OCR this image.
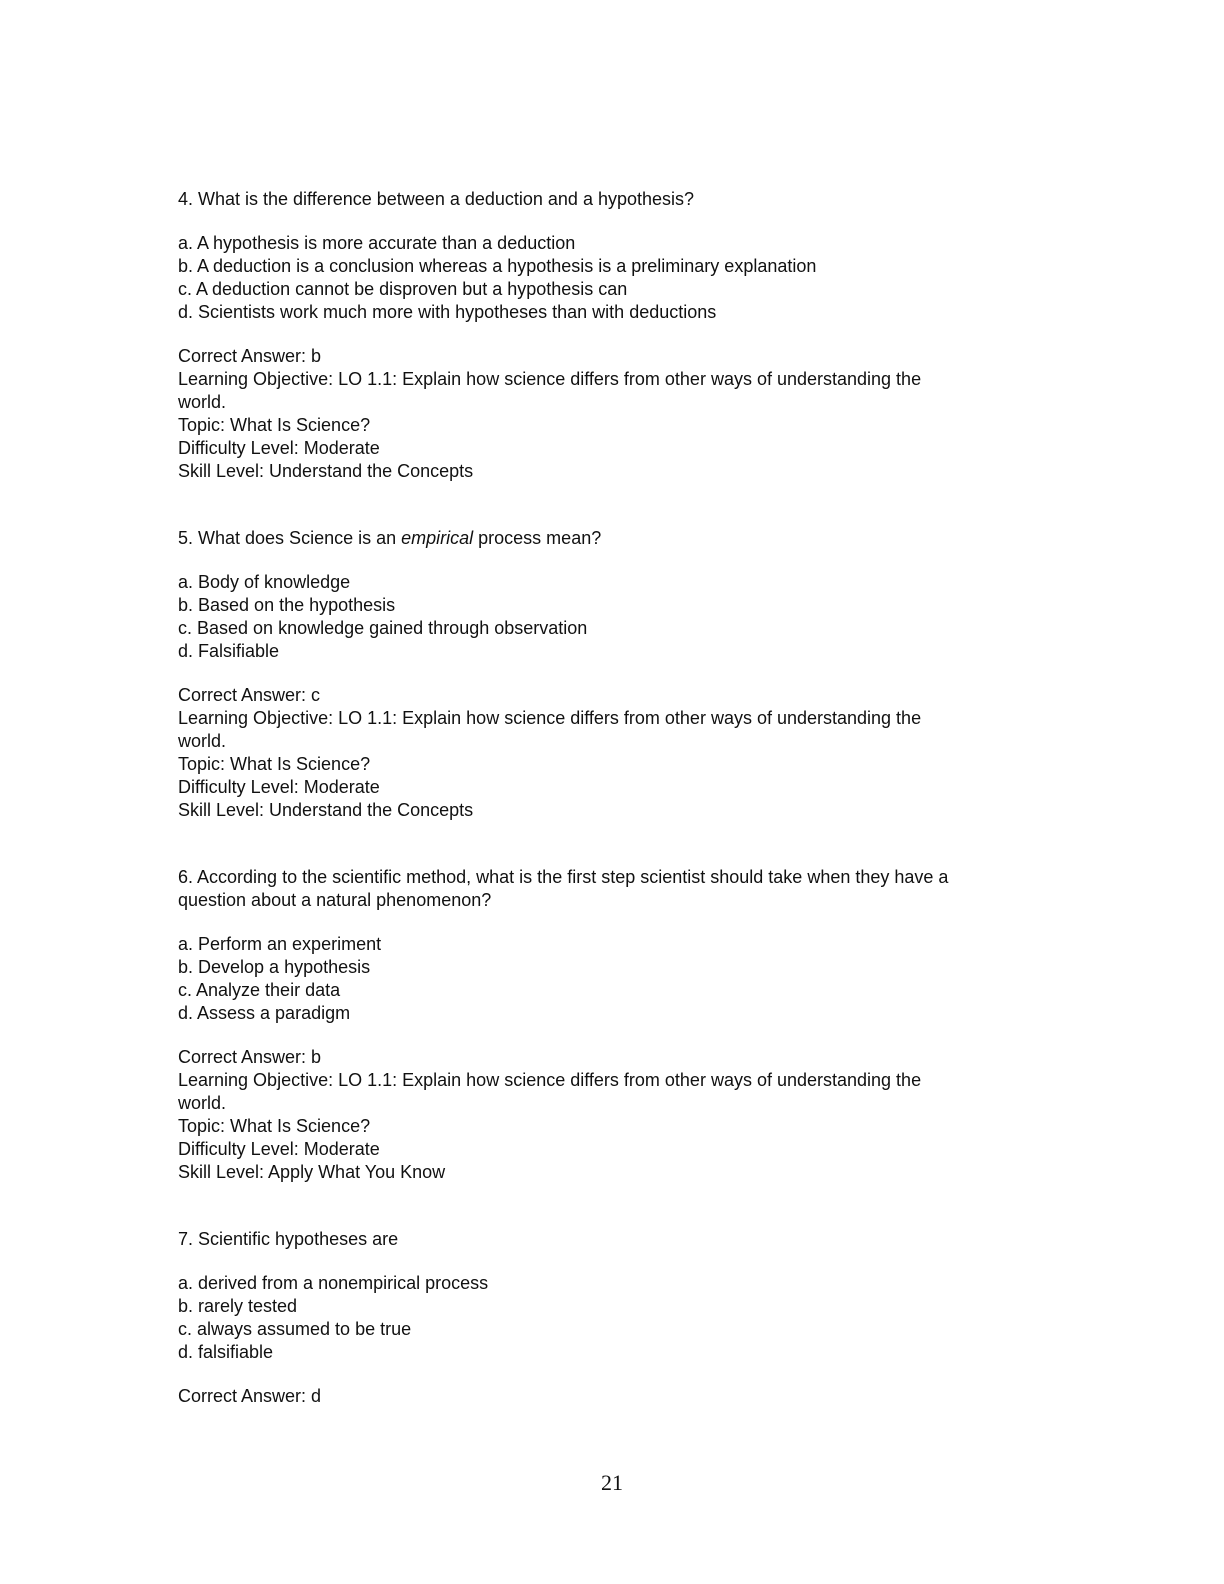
4. What is the difference between a deduction and a hypothesis?
a. A hypothesis is more accurate than a deduction
b. A deduction is a conclusion whereas a hypothesis is a preliminary explanation
c. A deduction cannot be disproven but a hypothesis can
d. Scientists work much more with hypotheses than with deductions
Correct Answer: b
Learning Objective: LO 1.1: Explain how science differs from other ways of understanding the
world.
Topic: What Is Science?
Difficulty Level: Moderate
Skill Level: Understand the Concepts
5. What does Science is an empirical process mean?
a. Body of knowledge
b. Based on the hypothesis
c. Based on knowledge gained through observation
d. Falsifiable
Correct Answer: c
Learning Objective: LO 1.1: Explain how science differs from other ways of understanding the
world.
Topic: What Is Science?
Difficulty Level: Moderate
Skill Level: Understand the Concepts
6. According to the scientific method, what is the first step scientist should take when they have a
question about a natural phenomenon?
a. Perform an experiment
b. Develop a hypothesis
c. Analyze their data
d. Assess a paradigm
Correct Answer: b
Learning Objective: LO 1.1: Explain how science differs from other ways of understanding the
world.
Topic: What Is Science?
Difficulty Level: Moderate
Skill Level: Apply What You Know
7. Scientific hypotheses are
a. derived from a nonempirical process
b. rarely tested
c. always assumed to be true
d. falsifiable
Correct Answer: d
21
